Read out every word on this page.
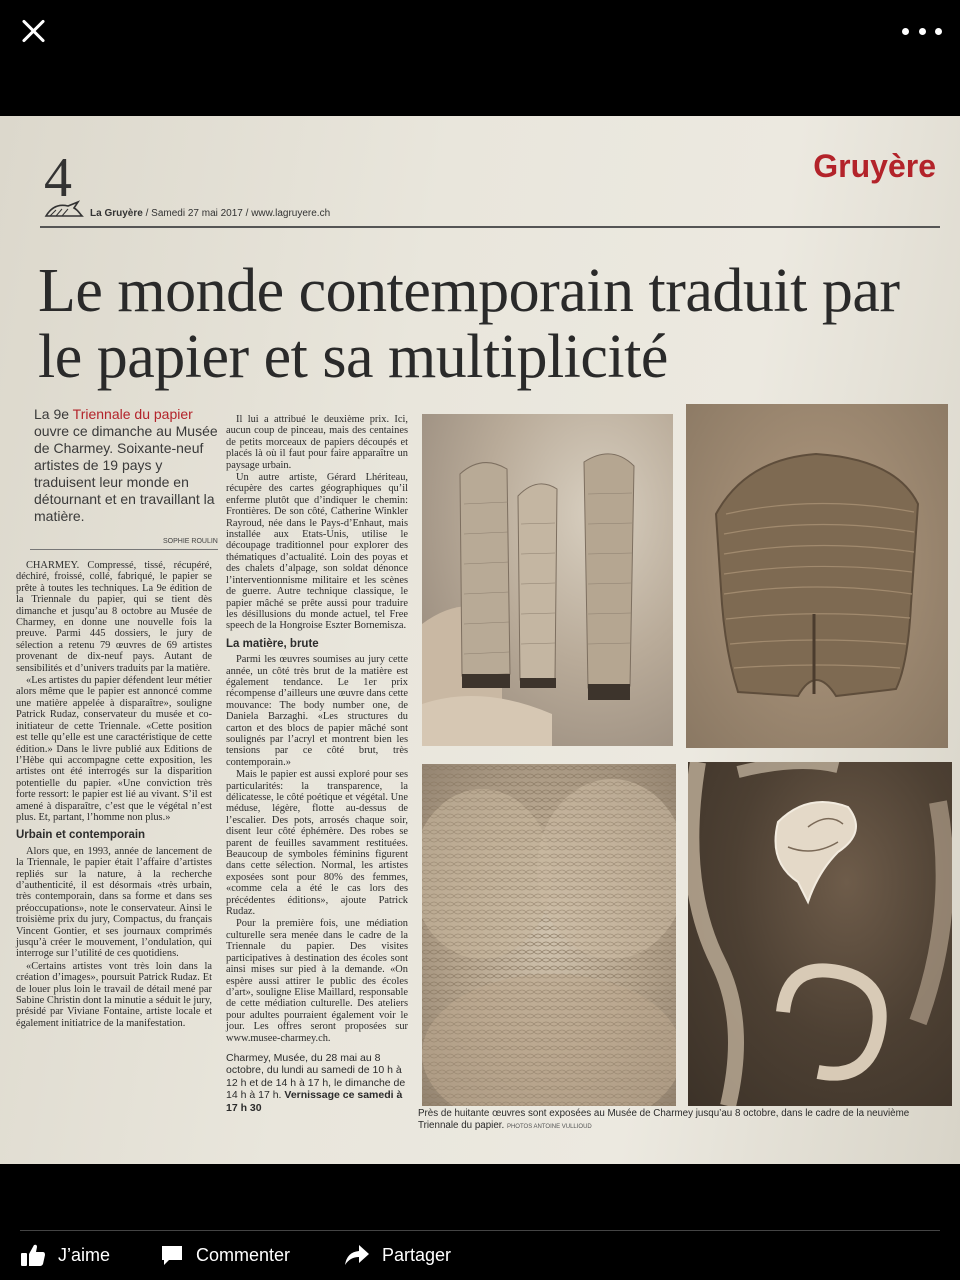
4	Gruyère
La Gruyère / Samedi 27 mai 2017 / www.lagruyere.ch
Le monde contemporain traduit par le papier et sa multiplicité
La 9e Triennale du papier ouvre ce dimanche au Musée de Charmey. Soixante-neuf artistes de 19 pays y traduisent leur monde en détournant et en travaillant la matière.
SOPHIE ROULIN

CHARMEY. Compressé, tissé, récupéré, déchiré, froissé, collé, fabriqué, le papier se prête à toutes les techniques. La 9e édition de la Triennale du papier, qui se tient dès dimanche et jusqu’au 8 octobre au Musée de Charmey, en donne une nouvelle fois la preuve. Parmi 445 dossiers, le jury de sélection a retenu 79 œuvres de 69 artistes provenant de dix-neuf pays. Autant de sensibilités et d’univers traduits par la matière.

«Les artistes du papier défendent leur métier alors même que le papier est annoncé comme une matière appelée à disparaître», souligne Patrick Rudaz, conservateur du musée et co-initiateur de cette Triennale. «Cette position est telle qu’elle est une caractéristique de cette édition.» Dans le livre publié aux Editions de l’Hèbe qui accompagne cette exposition, les artistes ont été interrogés sur la disparition potentielle du papier. «Une conviction très forte ressort: le papier est lié au vivant. S’il est amené à disparaître, c’est que le végétal n’est plus. Et, partant, l’homme non plus.»

Urbain et contemporain

Alors que, en 1993, année de lancement de la Triennale, le papier était l’affaire d’artistes repliés sur la nature, à la recherche d’authenticité, il est désormais «très urbain, très contemporain, dans sa forme et dans ses préoccupations», note le conservateur. Ainsi le troisième prix du jury, Compactus, du français Vincent Gontier, et ses journaux comprimés jusqu’à créer le mouvement, l’ondulation, qui interroge sur l’utilité de ces quotidiens.

«Certains artistes vont très loin dans la création d’images», poursuit Patrick Rudaz. Et de louer plus loin le travail de détail mené par Sabine Christin dont la minutie a séduit le jury, présidé par Viviane Fontaine, artiste locale et également initiatrice de la manifestation.

Il lui a attribué le deuxième prix. Ici, aucun coup de pinceau, mais des centaines de petits morceaux de papiers découpés et placés là où il faut pour faire apparaître un paysage urbain.

Un autre artiste, Gérard Lhériteau, récupère des cartes géographiques qu’il enferme plutôt que d’indiquer le chemin: Frontières. De son côté, Catherine Winkler Rayroud, née dans le Pays-d’Enhaut, mais installée aux Etats-Unis, utilise le découpage traditionnel pour explorer des thématiques d’actualité. Loin des poyas et des chalets d’alpage, son soldat dénonce l’interventionnisme militaire et les scènes de guerre. Autre technique classique, le papier mâché se prête aussi pour traduire les désillusions du monde actuel, tel Free speech de la Hongroise Eszter Bornemisza.

La matière, brute

Parmi les œuvres soumises au jury cette année, un côté très brut de la matière est également tendance. Le 1er prix récompense d’ailleurs une œuvre dans cette mouvance: The body number one, de Daniela Barzaghi. «Les structures du carton et des blocs de papier mâché sont soulignés par l’acryl et montrent bien les tensions par ce côté brut, très contemporain.»

Mais le papier est aussi exploré pour ses particularités: la transparence, la délicatesse, le côté poétique et végétal. Une méduse, légère, flotte au-dessus de l’escalier. Des pots, arrosés chaque soir, disent leur côté éphémère. Des robes se parent de feuilles savamment restituées. Beaucoup de symboles féminins figurent dans cette sélection. Normal, les artistes exposées sont pour 80% des femmes, «comme cela a été le cas lors des précédentes éditions», ajoute Patrick Rudaz.

Pour la première fois, une médiation culturelle sera menée dans le cadre de la Triennale du papier. Des visites participatives à destination des écoles sont ainsi mises sur pied à la demande. «On espère aussi attirer le public des écoles d’art», souligne Elise Maillard, responsable de cette médiation culturelle. Des ateliers pour adultes pourraient également voir le jour. Les offres seront proposées sur www.musee-charmey.ch.

Charmey, Musée, du 28 mai au 8 octobre, du lundi au samedi de 10 h à 12 h et de 14 h à 17 h, le dimanche de 14 h à 17 h. Vernissage ce samedi à 17 h 30	Près de huitante œuvres sont exposées au Musée de Charmey jusqu’au 8 octobre, dans le cadre de la neuvième Triennale du papier. PHOTOS ANTOINE VULLIOUD
J’aime	Commenter	Partager
